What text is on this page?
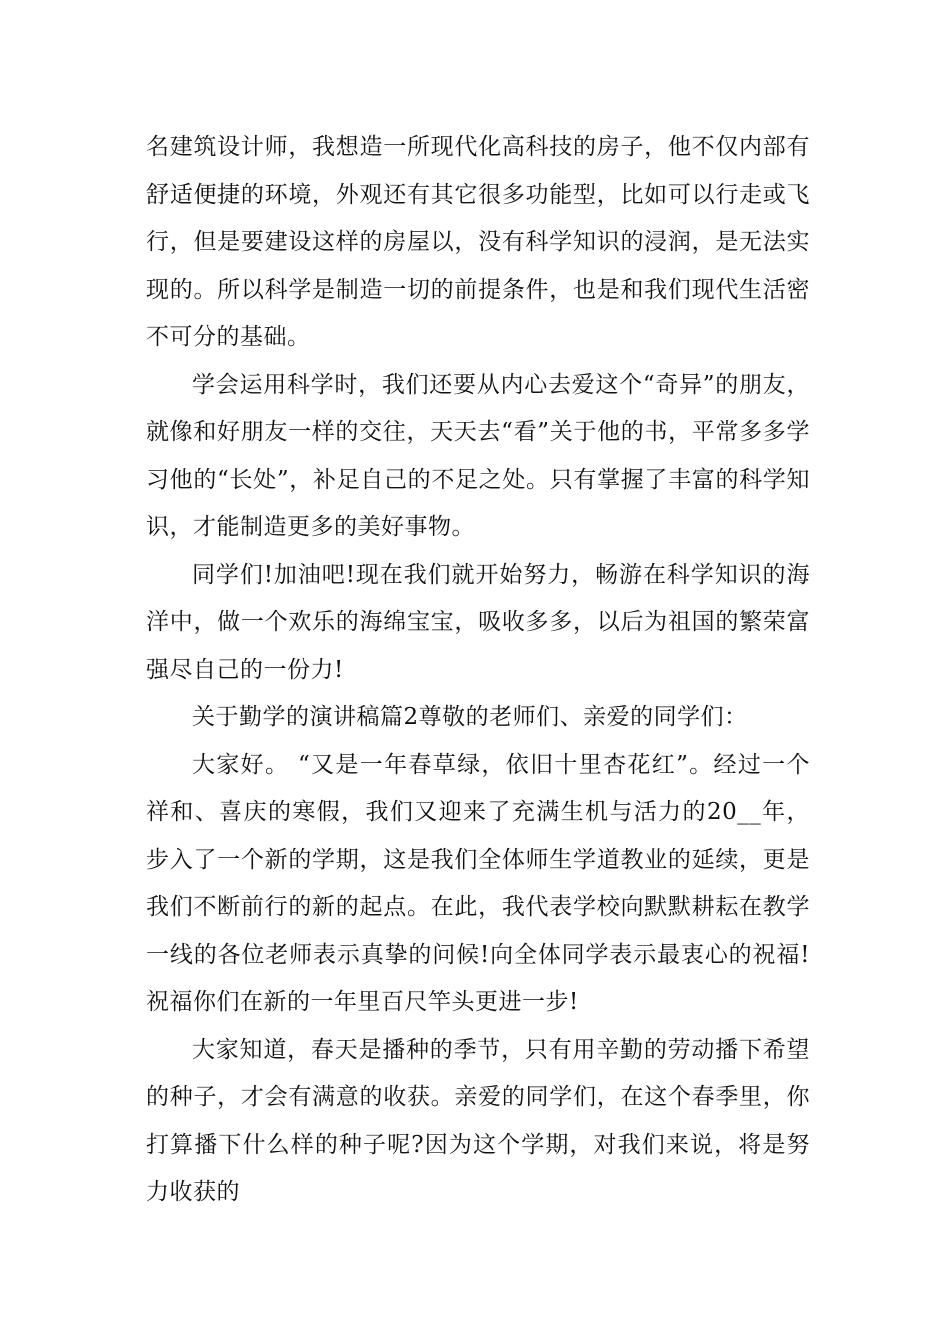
名建筑设计师，我想造一所现代化高科技的房子，他不仅内部有舒适便捷的环境，外观还有其它很多功能型，比如可以行走或飞行，但是要建设这样的房屋以，没有科学知识的浸润，是无法实现的。所以科学是制造一切的前提条件，也是和我们现代生活密不可分的基础。

学会运用科学时，我们还要从内心去爱这个“奇异”的朋友，就像和好朋友一样的交往，天天去“看”关于他的书，平常多多学习他的“长处”，补足自己的不足之处。只有掌握了丰富的科学知识，才能制造更多的美好事物。

同学们!加油吧!现在我们就开始努力，畅游在科学知识的海洋中，做一个欢乐的海绵宝宝，吸收多多，以后为祖国的繁荣富强尽自己的一份力!

关于勤学的演讲稿篇2尊敬的老师们、亲爱的同学们：

大家好。 “又是一年春草绿，依旧十里杏花红”。经过一个祥和、喜庆的寒假，我们又迎来了充满生机与活力的20__年，步入了一个新的学期，这是我们全体师生学道教业的延续，更是我们不断前行的新的起点。在此，我代表学校向默默耕耘在教学一线的各位老师表示真挚的问候!向全体同学表示最衷心的祝福!祝福你们在新的一年里百尺竿头更进一步!

大家知道，春天是播种的季节，只有用辛勤的劳动播下希望的种子，才会有满意的收获。亲爱的同学们，在这个春季里，你打算播下什么样的种子呢?因为这个学期，对我们来说，将是努力收获的
